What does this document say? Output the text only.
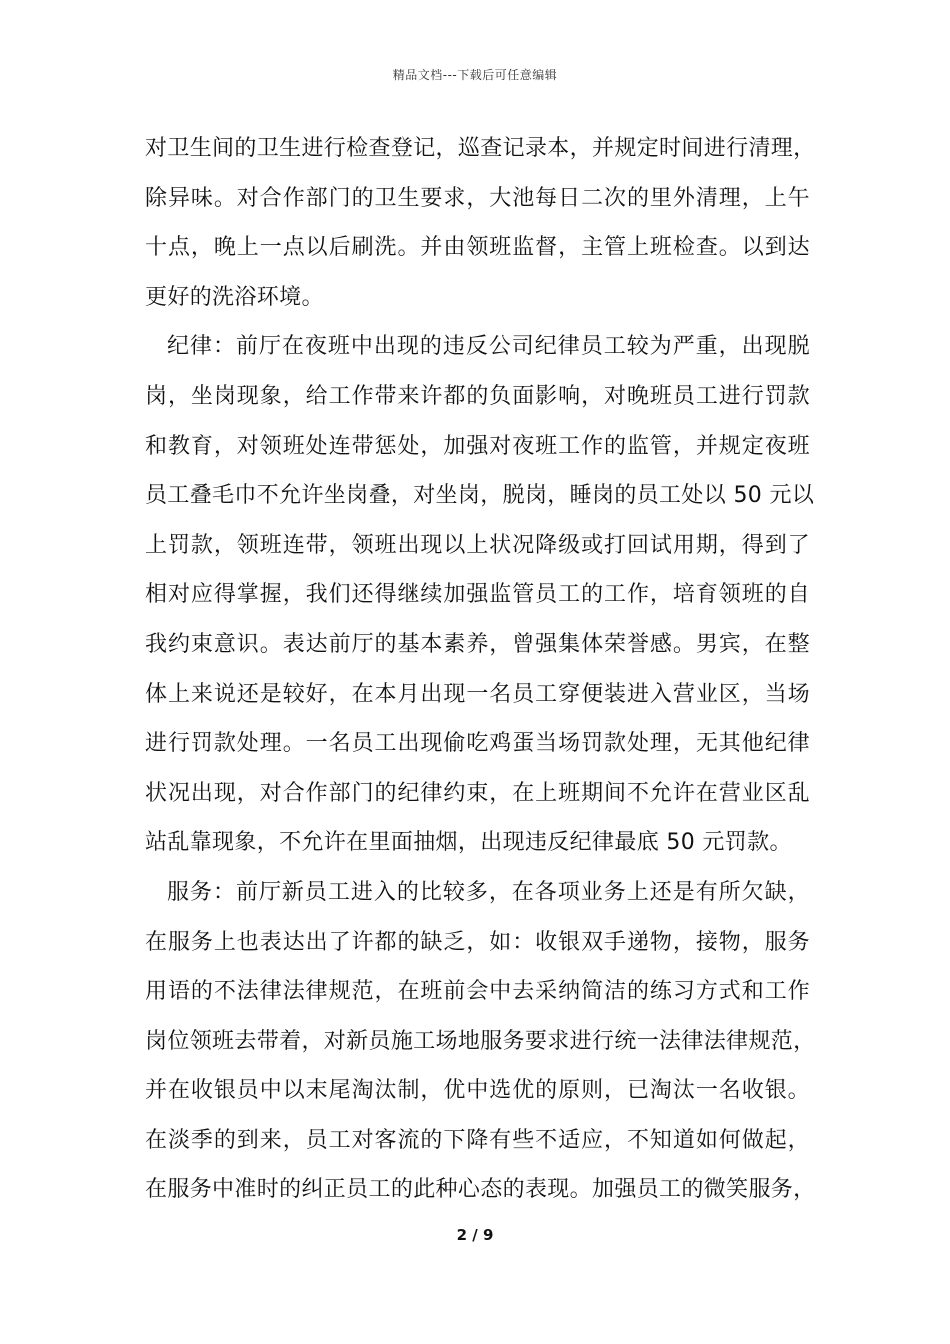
精品文档---下载后可任意编辑
对卫生间的卫生进行检查登记，巡查记录本，并规定时间进行清理，
除异味。对合作部门的卫生要求，大池每日二次的里外清理，上午
十点，晚上一点以后刷洗。并由领班监督，主管上班检查。以到达
更好的洗浴环境。
纪律：前厅在夜班中出现的违反公司纪律员工较为严重，出现脱
岗，坐岗现象，给工作带来许都的负面影响，对晚班员工进行罚款
和教育，对领班处连带惩处，加强对夜班工作的监管，并规定夜班
员工叠毛巾不允许坐岗叠，对坐岗，脱岗，睡岗的员工处以 50 元以
上罚款，领班连带，领班出现以上状况降级或打回试用期，得到了
相对应得掌握，我们还得继续加强监管员工的工作，培育领班的自
我约束意识。表达前厅的基本素养，曾强集体荣誉感。男宾，在整
体上来说还是较好，在本月出现一名员工穿便装进入营业区，当场
进行罚款处理。一名员工出现偷吃鸡蛋当场罚款处理，无其他纪律
状况出现，对合作部门的纪律约束，在上班期间不允许在营业区乱
站乱靠现象，不允许在里面抽烟，出现违反纪律最底 50 元罚款。
服务：前厅新员工进入的比较多，在各项业务上还是有所欠缺，
在服务上也表达出了许都的缺乏，如：收银双手递物，接物，服务
用语的不法律法律规范，在班前会中去采纳简洁的练习方式和工作
岗位领班去带着，对新员施工场地服务要求进行统一法律法律规范，
并在收银员中以末尾淘汰制，优中选优的原则，已淘汰一名收银。
在淡季的到来，员工对客流的下降有些不适应，不知道如何做起，
在服务中准时的纠正员工的此种心态的表现。加强员工的微笑服务，
2 / 9
